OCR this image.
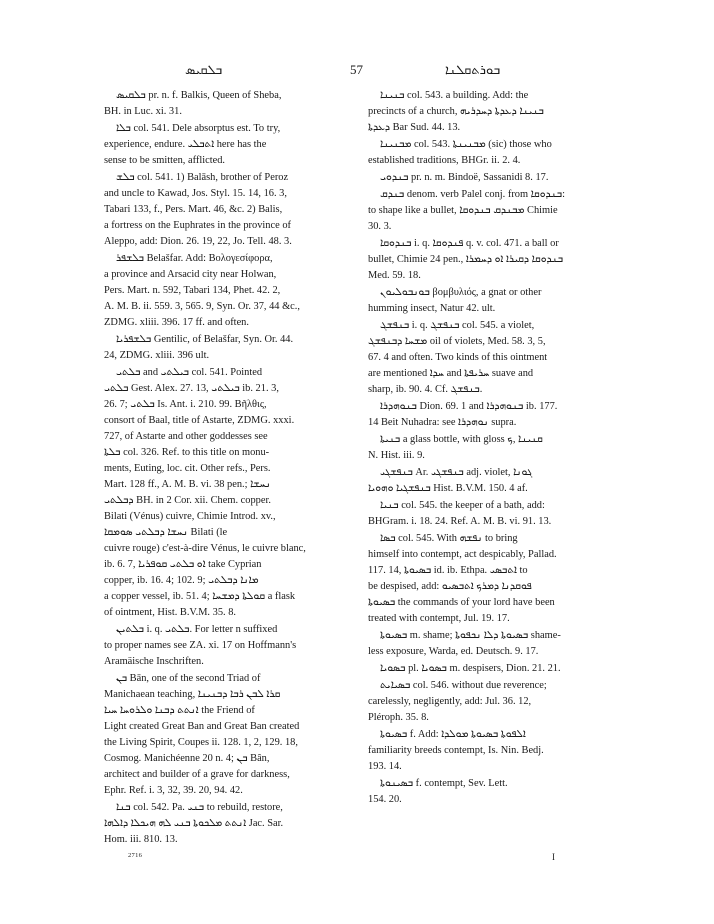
ܒܠܩܝܣ	57	ܒܘܪܬܩܠܢܐ

ܒܠܩܝܣ pr. n. f. Balkis, Queen of Sheba,

BH. in Luc. xi. 31.

ܒܠܐ col. 541. Dele absorptus est. To try,

experience, endure. ܐܬܒܠܝ here has the

sense to be smitten, afflicted.

ܒܠܫ col. 541. 1) Balāsh, brother of Peroz

and uncle to Kawad, Jos. Styl. 15. 14, 16. 3,

Tabari 133, f., Pers. Mart. 46, &c. 2) Balis,

a fortress on the Euphrates in the province of

Aleppo, add: Dion. 26. 19, 22, Jo. Tell. 48. 3.

ܒܠܫܦܪ Belašfar. Add: Βολογεσίφορα,

a province and Arsacid city near Holwan,

Pers. Mart. n. 592, Tabari 134, Phet. 42. 2,

A. M. B. ii. 559. 3, 565. 9, Syn. Or. 37, 44 &c.,

ZDMG. xliii. 396. 17 ff. and often.

ܒܠܫܦܪܝܐ Gentilic, of Belašfar, Syn. Or. 44.

24, ZDMG. xliii. 396 ult.

ܒܠܬܝ and ܒܝܠܬܝ col. 541. Pointed

ܒܠܬܝ Gest. Alex. 27. 13, ܒܝܠܬܝ ib. 21. 3,

26. 7; ܒܠܬܝ Is. Ant. i. 210. 99. Βῆλθις,

consort of Baal, title of Astarte, ZDMG. xxxi.

727, of Astarte and other goddesses see

ܒܠܬܐ col. 326. Ref. to this title on monu-

ments, Euting, loc. cit. Other refs., Pers.

Mart. 128 ff., A. M. B. vi. 38 pen.; ܢܚܫܐ

ܕܒܠܬܝ BH. in 2 Cor. xii. Chem. copper.

Bilati (Vénus) cuivre, Chimie Introd. xv.,

ܢܚܫܐ ܕܒܠܬܝ ܣܘܡܩܐ Bilati (le

cuivre rouge) c'est-à-dire Vénus, le cuivre blanc,

ib. 6. 7, ܐܘ ܒܠܬܝ ܩܘܦܪܝܐ take Cyprian

copper, ib. 16. 4; 102. 9; ܡܐܢܐ ܕܒܠܬܝ

a copper vessel, ib. 51. 4; ܩܘܠܬܐ ܕܡܫܚܐ a flask

of ointment, Hist. B.V.M. 35. 8.

ܒܠܬܝܢ i. q. ܒܠܬܝ. For letter n suffixed

to proper names see ZA. xi. 17 on Hoffmann's

Aramäische Inschriften.

ܒܢ Bān, one of the second Triad of

Manichaean teaching, ܩܪܐ ܠܒܢ ܪܒܐ ܕܒܢܝܢܐ

ܐܢܬܬ ܕܒܢܐ ܘܠܪܘܚܐ ܚܝܐ the Friend of

Light created Great Ban and Great Ban created

the Living Spirit, Coupes ii. 128. 1, 2, 129. 18,

Cosmog. Manichéenne 20 n. 4; ܒܢ Bân,

architect and builder of a grave for darkness,

Ephr. Ref. i. 3, 32, 39. 20, 94. 42.

ܒܢܐ col. 542. Pa. ܒܢܝ to rebuild, restore,

ܐܢܬܬ ܡܠܟܘܬܐ ܒܢܝ ܠܗ ܗܝܟܠܐ ܕܐܠܗܐ Jac. Sar.

Hom. iii. 810. 13.

ܒܢܝܢܐ col. 543. a building. Add: the

precincts of a church, ܒܢܝܢܐ ܕܥܕܬܐ ܕܚܕܪܝܗ

ܕܥܕܬܐ Bar Sud. 44. 13.

ܡܒܢܝܢܐ col. 543. ܡܒܢܝܢܬܐ (sic) those who

established traditions, BHGr. ii. 2. 4.

ܒܢܕܘܝ pr. n. m. Bindoë, Sassanidi 8. 17.

ܒܢܕܩ denom. verb Palel conj. from ܒܢܕܘܩܐ:

to shape like a bullet, ܡܒܢܕܩ ܒܢܕܘܩܐ Chimie

30. 3.

ܒܢܕܘܩܐ i. q. ܦܢܕܘܩܐ q. v. col. 471. a ball or

bullet, Chimie 24 pen., ܒܢܕܘܩܐ ܕܩܝܪܐ ܐܘ ܕܚܡܪܐ

Med. 59. 18.

ܒܘܢܒܘܠܝܘܢ βομβυλιός, a gnat or other

humming insect, Natur 42. ult.

ܒܢܦܫܓ i. q. ܒܢܦܫܓ col. 545. a violet,

ܡܫܚܐ ܕܒܢܦܫܓ oil of violets, Med. 58. 3, 5,

67. 4 and often. Two kinds of this ointment

are mentioned ܚܕܐ and ܚܪܝܦܬܐ suave and

sharp, ib. 90. 4. Cf. ܒܢܦܫܓ.

ܒܢܘܗܕܪܐ Dion. 69. 1 and ܒܢܘܗܕܪܐ ib. 177.

14 Beit Nuhadra: see ܢܘܗܕܪܐ supra.

ܒܢܝܬܐ a glass bottle, with gloss ܩܢܝܢܐ ,ܟ

N. Hist. iii. 9.

ܒܢܦܫܓܝ Ar. ܒܢܦܫܓܝ adj. violet, ܓܘܢܐ

ܒܢܦܫܓܝܐ ܘܗܘܝܐ Hist. B.V.M. 150. 4 af.

ܒܢܝܐ col. 545. the keeper of a bath, add:

BHGram. i. 18. 24. Ref. A. M. B. vi. 91. 13.

ܒܣܐ col. 545. With ܢܦܫܗ to bring

himself into contempt, act despicably, Pallad.

117. 14, ܒܣܝܘܬܐ id. ib. Ethpa. ܐܬܒܣܝ to

be despised, add: ܦܘܩܕܢܐ ܕܡܪܟ ܐܬܒܣܝܘ

ܒܣܝܘܬܐ the commands of your lord have been

treated with contempt, Jul. 19. 17.

ܒܣܝܘܬܐ m. shame; ܒܣܝܘܬܐ ܕܠܐ ܢܟܦܘܬܐ shame-

less exposure, Warda, ed. Deutsch. 9. 17.

ܒܣܘܝܐ pl. ܒܣܘܝܐ m. despisers, Dion. 21. 21.

ܒܣܝܐܝܬ col. 546. without due reverence;

carelessly, negligently, add: Jul. 36. 12,

Pléroph. 35. 8.

ܒܣܝܘܬܐ f. Add: ܐܠܦܘܬܐ ܒܣܝܘܬܐ ܡܘܠܕܐ

familiarity breeds contempt, Is. Nin. Bedj.

193. 14.

ܒܣܝܢܘܬܐ f. contempt, Sev. Lett.

154. 20.

2716	I
